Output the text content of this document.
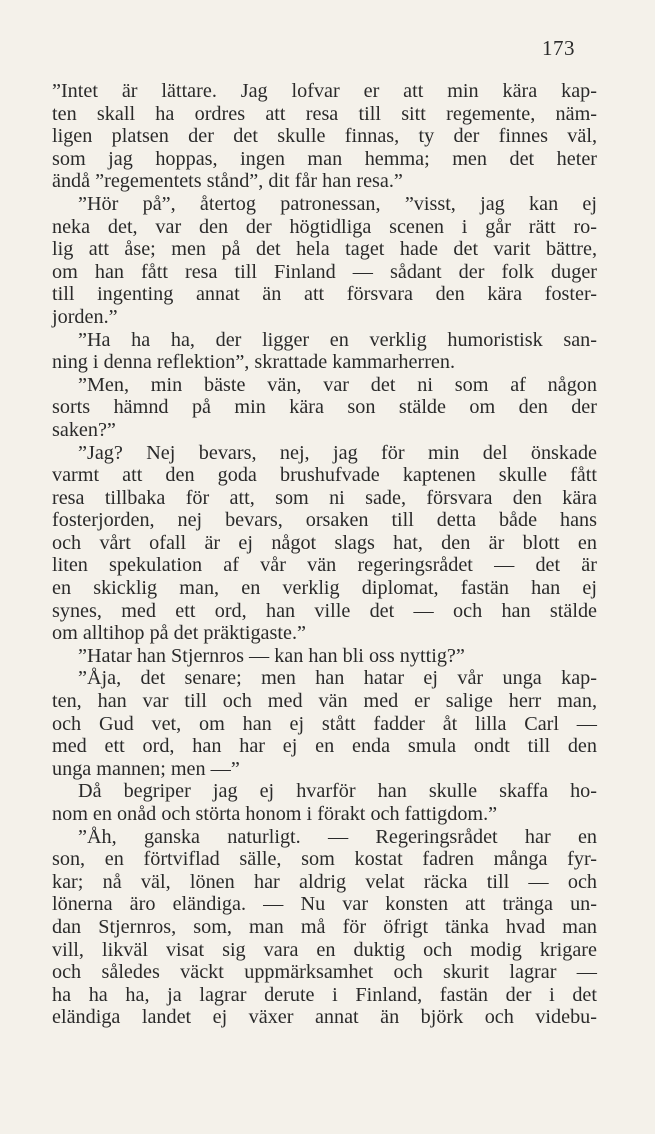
173
”Intet är lättare. Jag lofvar er att min kära kap-
ten skall ha ordres att resa till sitt regemente, näm-
ligen platsen der det skulle finnas, ty der finnes väl,
som jag hoppas, ingen man hemma; men det heter
ändå ”regementets stånd”, dit får han resa.”
”Hör på”, återtog patronessan, ”visst, jag kan ej
neka det, var den der högtidliga scenen i går rätt ro-
lig att åse; men på det hela taget hade det varit bättre,
om han fått resa till Finland — sådant der folk duger
till ingenting annat än att försvara den kära foster-
jorden.”
”Ha ha ha, der ligger en verklig humoristisk san-
ning i denna reflektion”, skrattade kammarherren.
”Men, min bäste vän, var det ni som af någon
sorts hämnd på min kära son stälde om den der
saken?”
”Jag? Nej bevars, nej, jag för min del önskade
varmt att den goda brushufvade kaptenen skulle fått
resa tillbaka för att, som ni sade, försvara den kära
fosterjorden, nej bevars, orsaken till detta både hans
och vårt ofall är ej något slags hat, den är blott en
liten spekulation af vår vän regeringsrådet — det är
en skicklig man, en verklig diplomat, fastän han ej
synes, med ett ord, han ville det — och han stälde
om alltihop på det präktigaste.”
”Hatar han Stjernros — kan han bli oss nyttig?”
”Åja, det senare; men han hatar ej vår unga kap-
ten, han var till och med vän med er salige herr man,
och Gud vet, om han ej stått fadder åt lilla Carl —
med ett ord, han har ej en enda smula ondt till den
unga mannen; men —”
Då begriper jag ej hvarför han skulle skaffa ho-
nom en onåd och störta honom i förakt och fattigdom.”
”Åh, ganska naturligt. — Regeringsrådet har en
son, en förtviflad sälle, som kostat fadren många fyr-
kar; nå väl, lönen har aldrig velat räcka till — och
lönerna äro eländiga. — Nu var konsten att tränga un-
dan Stjernros, som, man må för öfrigt tänka hvad man
vill, likväl visat sig vara en duktig och modig krigare
och således väckt uppmärksamhet och skurit lagrar —
ha ha ha, ja lagrar derute i Finland, fastän der i det
eländiga landet ej växer annat än björk och videbu-
